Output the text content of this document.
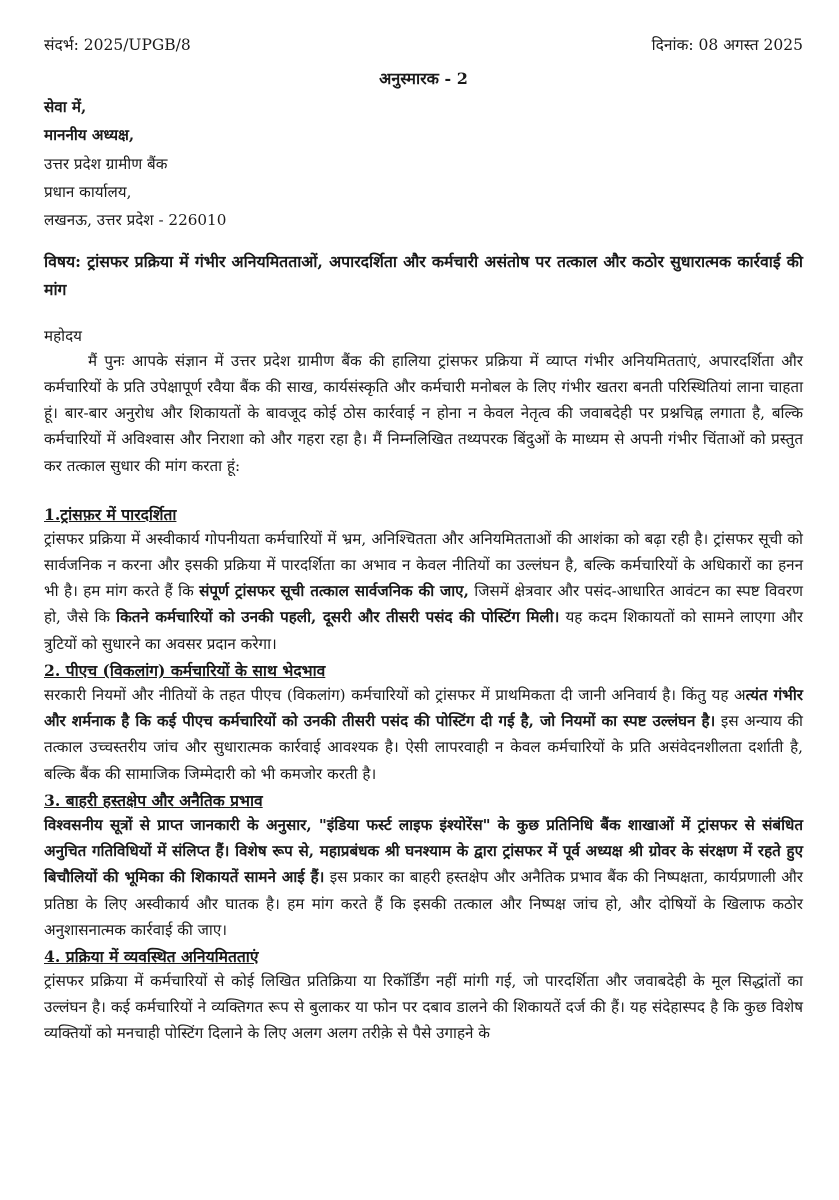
संदर्भ: 2025/UPGB/8	दिनांक: 08 अगस्त 2025
अनुस्मारक - 2
सेवा में,
माननीय अध्यक्ष,
उत्तर प्रदेश ग्रामीण बैंक
प्रधान कार्यालय,
लखनऊ, उत्तर प्रदेश - 226010
विषय: ट्रांसफर प्रक्रिया में गंभीर अनियमितताओं, अपारदर्शिता और कर्मचारी असंतोष पर तत्काल और कठोर सुधारात्मक कार्रवाई की मांग
महोदय
मैं पुनः आपके संज्ञान में उत्तर प्रदेश ग्रामीण बैंक की हालिया ट्रांसफर प्रक्रिया में व्याप्त गंभीर अनियमितताएं, अपारदर्शिता और कर्मचारियों के प्रति उपेक्षापूर्ण रवैया बैंक की साख, कार्यसंस्कृति और कर्मचारी मनोबल के लिए गंभीर खतरा बनती परिस्थितियां लाना चाहता हूं। बार-बार अनुरोध और शिकायतों के बावजूद कोई ठोस कार्रवाई न होना न केवल नेतृत्व की जवाबदेही पर प्रश्नचिह्न लगाता है, बल्कि कर्मचारियों में अविश्वास और निराशा को और गहरा रहा है। मैं निम्नलिखित तथ्यपरक बिंदुओं के माध्यम से अपनी गंभीर चिंताओं को प्रस्तुत कर तत्काल सुधार की मांग करता हूं:
1.ट्रांसफ़र में पारदर्शिता

ट्रांसफर प्रक्रिया में अस्वीकार्य गोपनीयता कर्मचारियों में भ्रम, अनिश्चितता और अनियमितताओं की आशंका को बढ़ा रही है। ट्रांसफर सूची को सार्वजनिक न करना और इसकी प्रक्रिया में पारदर्शिता का अभाव न केवल नीतियों का उल्लंघन है, बल्कि कर्मचारियों के अधिकारों का हनन भी है। हम मांग करते हैं कि संपूर्ण ट्रांसफर सूची तत्काल सार्वजनिक की जाए, जिसमें क्षेत्रवार और पसंद-आधारित आवंटन का स्पष्ट विवरण हो, जैसे कि कितने कर्मचारियों को उनकी पहली, दूसरी और तीसरी पसंद की पोस्टिंग मिली। यह कदम शिकायतों को सामने लाएगा और त्रुटियों को सुधारने का अवसर प्रदान करेगा।

2. पीएच (विकलांग) कर्मचारियों के साथ भेदभाव

सरकारी नियमों और नीतियों के तहत पीएच (विकलांग) कर्मचारियों को ट्रांसफर में प्राथमिकता दी जानी अनिवार्य है। किंतु यह अत्यंत गंभीर और शर्मनाक है कि कई पीएच कर्मचारियों को उनकी तीसरी पसंद की पोस्टिंग दी गई है, जो नियमों का स्पष्ट उल्लंघन है। इस अन्याय की तत्काल उच्चस्तरीय जांच और सुधारात्मक कार्रवाई आवश्यक है। ऐसी लापरवाही न केवल कर्मचारियों के प्रति असंवेदनशीलता दर्शाती है, बल्कि बैंक की सामाजिक जिम्मेदारी को भी कमजोर करती है।

3. बाहरी हस्तक्षेप और अनैतिक प्रभाव

विश्वसनीय सूत्रों से प्राप्त जानकारी के अनुसार, "इंडिया फर्स्ट लाइफ इंश्योरेंस" के कुछ प्रतिनिधि बैंक शाखाओं में ट्रांसफर से संबंधित अनुचित गतिविधियों में संलिप्त हैं। विशेष रूप से, महाप्रबंधक श्री घनश्याम के द्वारा ट्रांसफर में पूर्व अध्यक्ष श्री ग्रोवर के संरक्षण में रहते हुए बिचौलियों की भूमिका की शिकायतें सामने आई हैं। इस प्रकार का बाहरी हस्तक्षेप और अनैतिक प्रभाव बैंक की निष्पक्षता, कार्यप्रणाली और प्रतिष्ठा के लिए अस्वीकार्य और घातक है। हम मांग करते हैं कि इसकी तत्काल और निष्पक्ष जांच हो, और दोषियों के खिलाफ कठोर अनुशासनात्मक कार्रवाई की जाए।

4. प्रक्रिया में व्यवस्थित अनियमितताएं

ट्रांसफर प्रक्रिया में कर्मचारियों से कोई लिखित प्रतिक्रिया या रिकॉर्डिंग नहीं मांगी गई, जो पारदर्शिता और जवाबदेही के मूल सिद्धांतों का उल्लंघन है। कई कर्मचारियों ने व्यक्तिगत रूप से बुलाकर या फोन पर दबाव डालने की शिकायतें दर्ज की हैं। यह संदेहास्पद है कि कुछ विशेष व्यक्तियों को मनचाही पोस्टिंग दिलाने के लिए अलग अलग तरीक़े से पैसे उगाहने के
